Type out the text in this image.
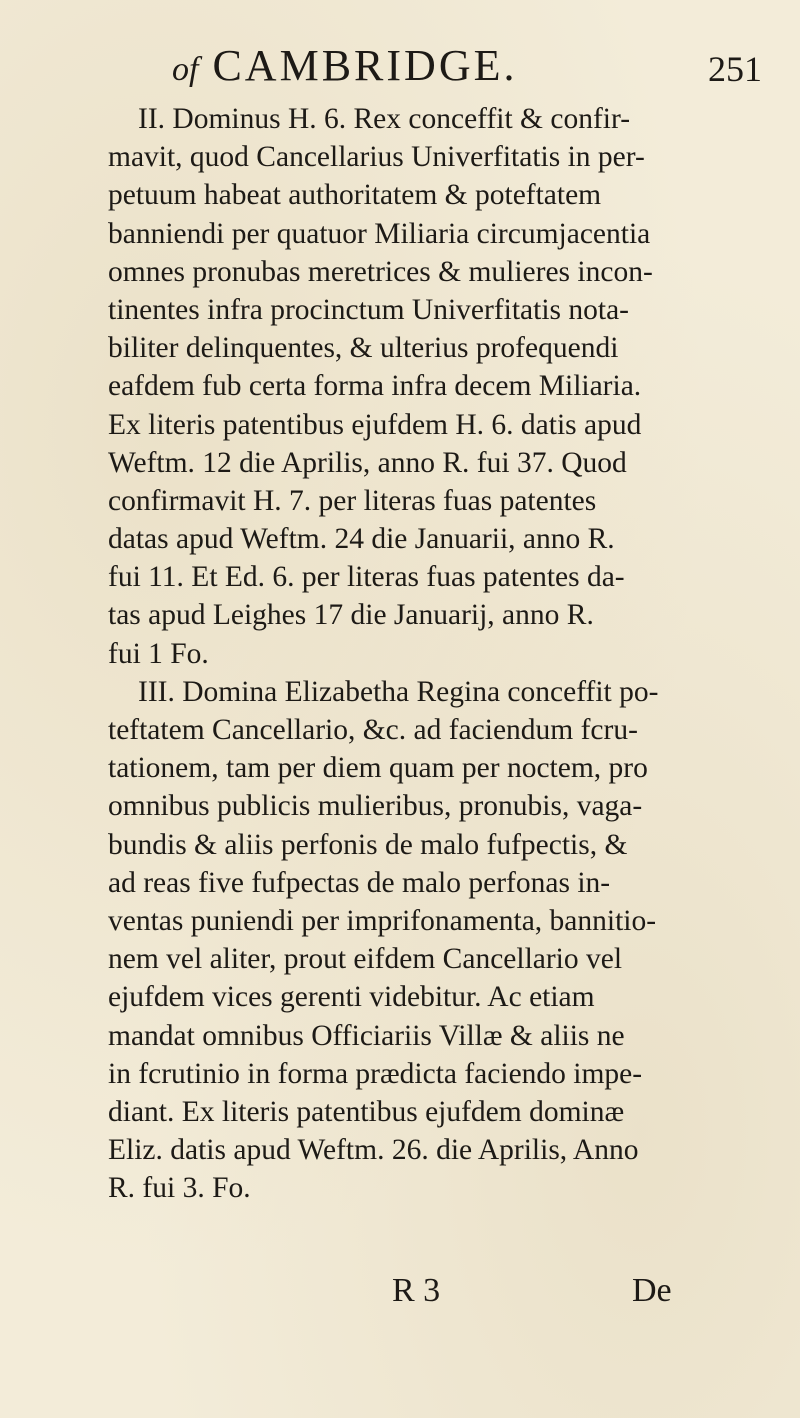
of CAMBRIDGE.	251
II. Dominus H. 6. Rex conceffit & confir-
mavit, quod Cancellarius Univerfitatis in per-
petuum habeat authoritatem & poteftatem
banniendi per quatuor Miliaria circumjacentia
omnes pronubas meretrices & mulieres incon-
tinentes infra procinctum Univerfitatis nota-
biliter delinquentes, & ulterius profequendi
eafdem fub certa forma infra decem Miliaria.
Ex literis patentibus ejufdem H. 6. datis apud
Weftm. 12 die Aprilis, anno R. fui 37. Quod
confirmavit H. 7. per literas fuas patentes
datas apud Weftm. 24 die Januarii, anno R.
fui 11. Et Ed. 6. per literas fuas patentes da-
tas apud Leighes 17 die Januarij, anno R.
fui 1 Fo.
III. Domina Elizabetha Regina conceffit po-
teftatem Cancellario, &c. ad faciendum fcru-
tationem, tam per diem quam per noctem, pro
omnibus publicis mulieribus, pronubis, vaga-
bundis & aliis perfonis de malo fufpectis, &
ad reas five fufpectas de malo perfonas in-
ventas puniendi per imprifonamenta, bannitio-
nem vel aliter, prout eifdem Cancellario vel
ejufdem vices gerenti videbitur. Ac etiam
mandat omnibus Officiariis Villæ & aliis ne
in fcrutinio in forma prædicta faciendo impe-
diant. Ex literis patentibus ejufdem dominæ
Eliz. datis apud Weftm. 26. die Aprilis, Anno
R. fui 3. Fo.
R 3	De
